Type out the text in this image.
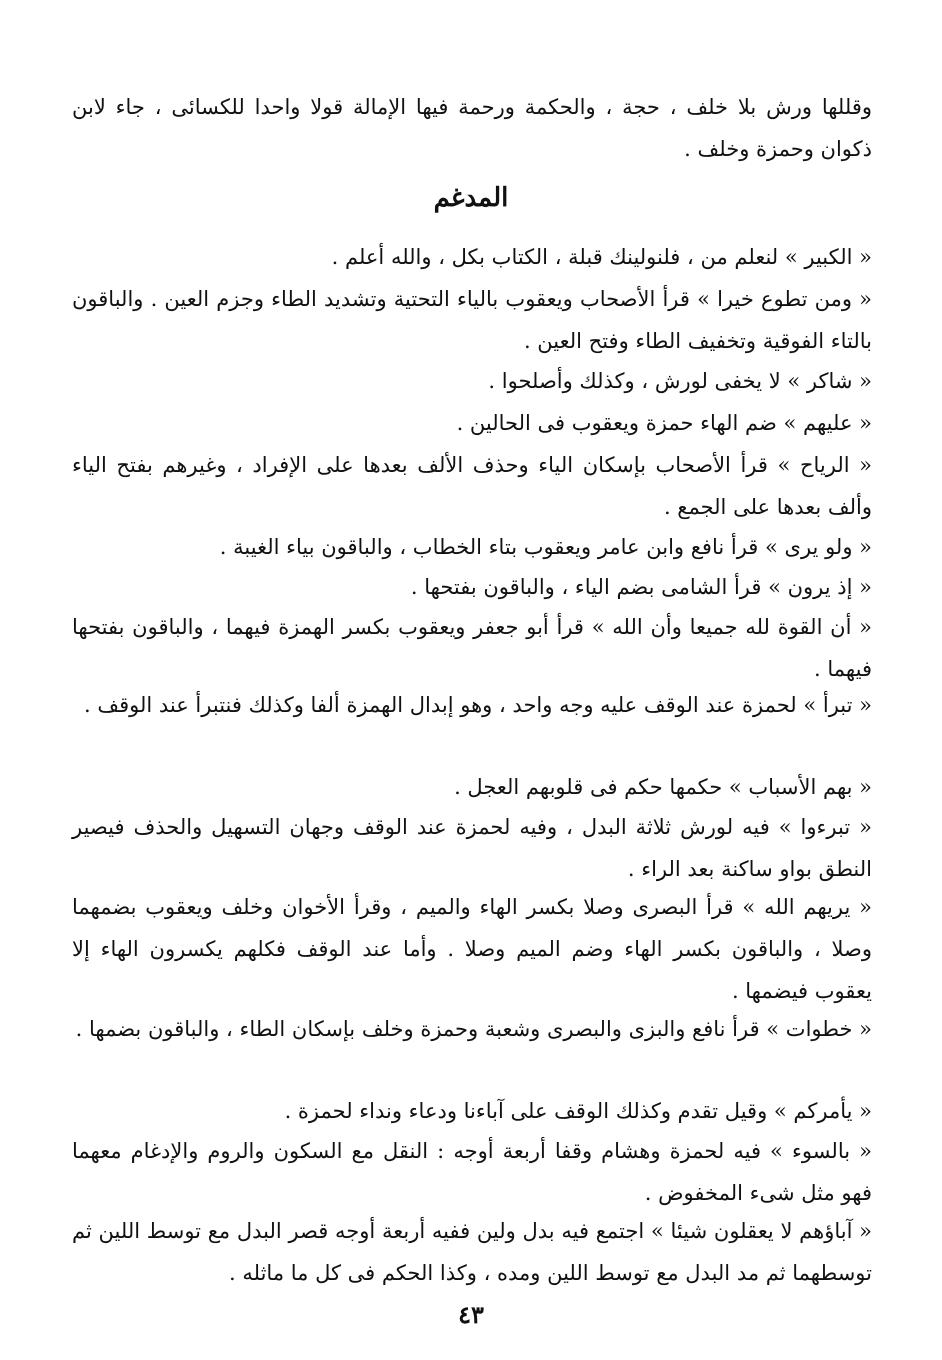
وقللها ورش بلا خلف ، حجة ، والحكمة ورحمة فيها الإمالة قولا واحدا للكسائى ، جاء لابن ذكوان وحمزة وخلف .
المدغم
« الكبير » لنعلم من ، فلنولينك قبلة ، الكتاب بكل ، والله أعلم .
« ومن تطوع خيرا » قرأ الأصحاب ويعقوب بالياء التحتية وتشديد الطاء وجزم العين . والباقون بالتاء الفوقية وتخفيف الطاء وفتح العين .
« شاكر » لا يخفى لورش ، وكذلك وأصلحوا .
« عليهم » ضم الهاء حمزة ويعقوب فى الحالين .
« الرياح » قرأ الأصحاب بإسكان الياء وحذف الألف بعدها على الإفراد ، وغيرهم بفتح الياء وألف بعدها على الجمع .
« ولو يرى » قرأ نافع وابن عامر ويعقوب بتاء الخطاب ، والباقون بياء الغيبة .
« إذ يرون » قرأ الشامى بضم الياء ، والباقون بفتحها .
« أن القوة لله جميعا وأن الله » قرأ أبو جعفر ويعقوب بكسر الهمزة فيهما ، والباقون بفتحها فيهما .
« تبرأ » لحمزة عند الوقف عليه وجه واحد ، وهو إبدال الهمزة ألفا وكذلك فنتبرأ عند الوقف .
« بهم الأسباب » حكمها حكم فى قلوبهم العجل .
« تبرءوا » فيه لورش ثلاثة البدل ، وفيه لحمزة عند الوقف وجهان التسهيل والحذف فيصير النطق بواو ساكنة بعد الراء .
« يريهم الله » قرأ البصرى وصلا بكسر الهاء والميم ، وقرأ الأخوان وخلف ويعقوب بضمهما وصلا ، والباقون بكسر الهاء وضم الميم وصلا . وأما عند الوقف فكلهم يكسرون الهاء إلا يعقوب فيضمها .
« خطوات » قرأ نافع والبزى والبصرى وشعبة وحمزة وخلف بإسكان الطاء ، والباقون بضمها .
« يأمركم » وقيل تقدم وكذلك الوقف على آباءنا ودعاء ونداء لحمزة .
« بالسوء » فيه لحمزة وهشام وقفا أربعة أوجه : النقل مع السكون والروم والإدغام معهما فهو مثل شىء المخفوض .
« آباؤهم لا يعقلون شيئا » اجتمع فيه بدل ولين ففيه أربعة أوجه قصر البدل مع توسط اللين ثم توسطهما ثم مد البدل مع توسط اللين ومده ، وكذا الحكم فى كل ما ماثله .
٤٣
